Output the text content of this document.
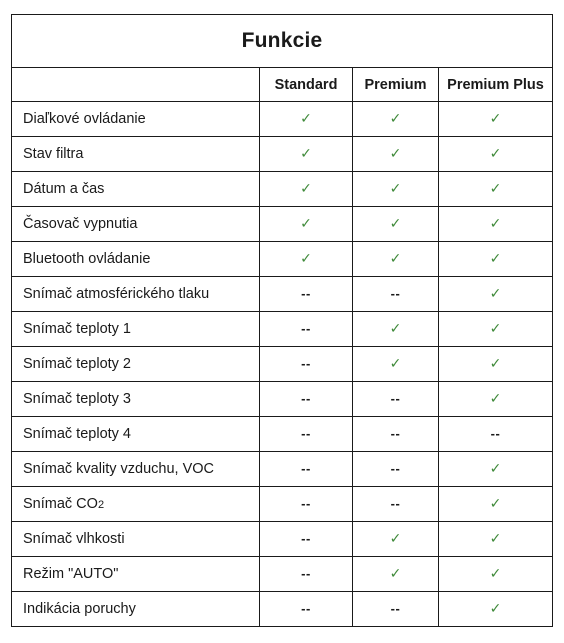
Funkcie			
	Standard	Premium	Premium Plus
Diaľkové ovládanie	✓	✓	✓
Stav filtra	✓	✓	✓
Dátum a čas	✓	✓	✓
Časovač vypnutia	✓	✓	✓
Bluetooth ovládanie	✓	✓	✓
Snímač atmosférického tlaku	--	--	✓
Snímač teploty 1	--	✓	✓
Snímač teploty 2	--	✓	✓
Snímač teploty 3	--	--	✓
Snímač teploty 4	--	--	--
Snímač kvality vzduchu, VOC	--	--	✓
Snímač CO2	--	--	✓
Snímač vlhkosti	--	✓	✓
Režim "AUTO"	--	✓	✓
Indikácia poruchy	--	--	✓
